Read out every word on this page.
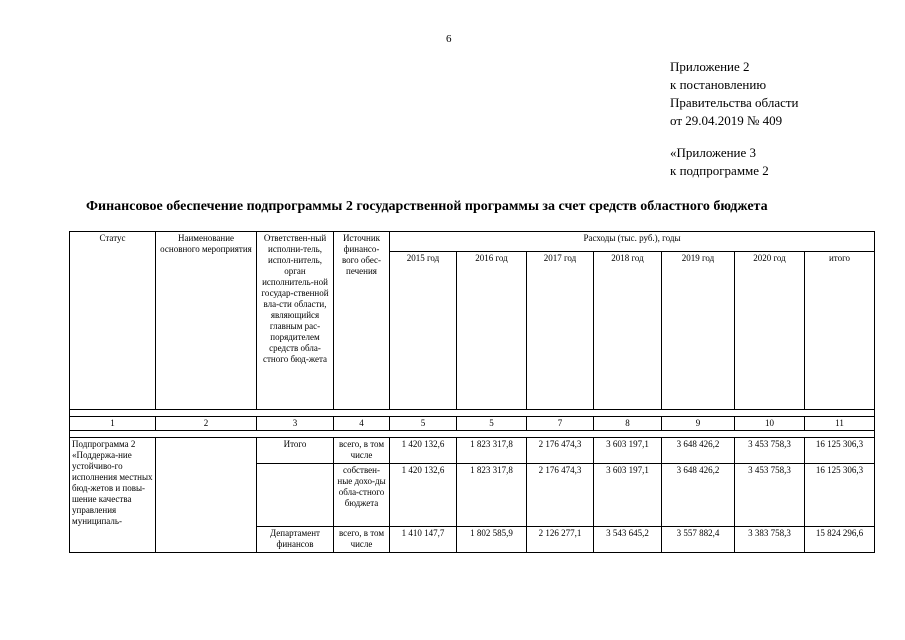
6
Приложение 2
к постановлению
Правительства области
от 29.04.2019 № 409
«Приложение 3
к подпрограмме 2
Финансовое обеспечение подпрограммы 2 государственной программы за счет средств областного бюджета
Статус	Наименование основного мероприятия	Ответствен-ный исполни-тель, испол-нитель, орган исполнитель-ной государ-ственной вла-сти области, являющийся главным рас-порядителем средств обла-стного бюд-жета	Источник финансо-вого обес-печения	Расходы (тыс. руб.), годы						
				2015 год	2016 год	2017 год	2018 год	2019 год	2020 год	итого

1	2	3	4	5	5	7	8	9	10	11

Подпрограмма 2 «Поддержа-ние устойчиво-го исполнения местных бюд-жетов и повы-шение качества управления муниципаль-		Итого	всего, в том числе	1 420 132,6	1 823 317,8	2 176 474,3	3 603 197,1	3 648 426,2	3 453 758,3	16 125 306,3
			собствен-ные дохо-ды обла-стного бюджета	1 420 132,6	1 823 317,8	2 176 474,3	3 603 197,1	3 648 426,2	3 453 758,3	16 125 306,3
		Департамент финансов	всего, в том числе	1 410 147,7	1 802 585,9	2 126 277,1	3 543 645,2	3 557 882,4	3 383 758,3	15 824 296,6
